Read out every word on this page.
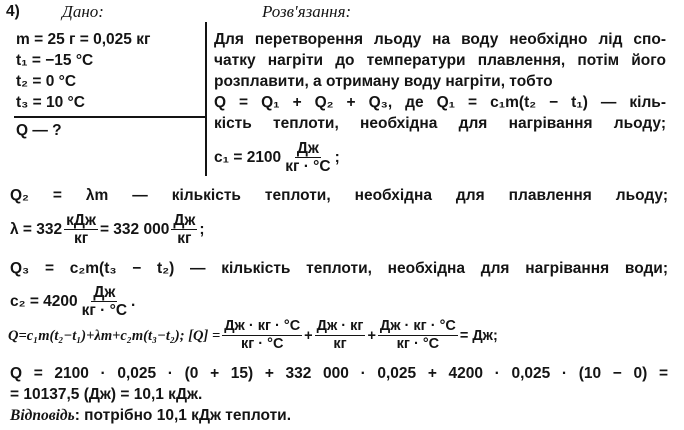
4) Дано:	Розв'язання:
m = 25 г = 0,025 кг
t₁ = −15 °C
t₂ = 0 °C
t₃ = 10 °C
Q — ?
Для перетворення льоду на воду необхідно лід спо-
чатку нагріти до температури плавлення, потім його
розплавити, а отриману воду нагріти, тобто
Q = Q₁ + Q₂ + Q₃, де Q₁ = c₁m(t₂ − t₁) — кіль-
кість теплоти, необхідна для нагрівання льоду;
$c_1 = 2100 \frac{Дж}{кг \cdot ^\circ C}$ ;
Q₂ = λm — кількість теплоти, необхідна для плавлення льоду;
$\lambda = 332 \frac{\text{кДж}}{кг} = 332$ $000 \frac{Дж}{кг}$ ;
Q₃ = c₂m(t₃ − t₂) — кількість теплоти, необхідна для нагрівання води;
$c_2 = 4200 \frac{Дж}{кг \cdot ^\circ C}$ .
Q=c₁m(t₂−t₁)+λm+c₂m(t₃−t₂); $[Q] = \frac{Дж \cdot кг \cdot ^\circ C}{кг \cdot ^\circ C} + \frac{Дж \cdot кг}{кг} + \frac{Дж \cdot кг \cdot ^\circ C}{кг \cdot ^\circ C}$ = Дж;
Q = 2100 · 0,025 · (0 + 15) + 332 000 · 0,025 + 4200 · 0,025 · (10 − 0) =
= 10137,5 (Дж) = 10,1 кДж.
Відповідь: потрібно 10,1 кДж теплоти.
